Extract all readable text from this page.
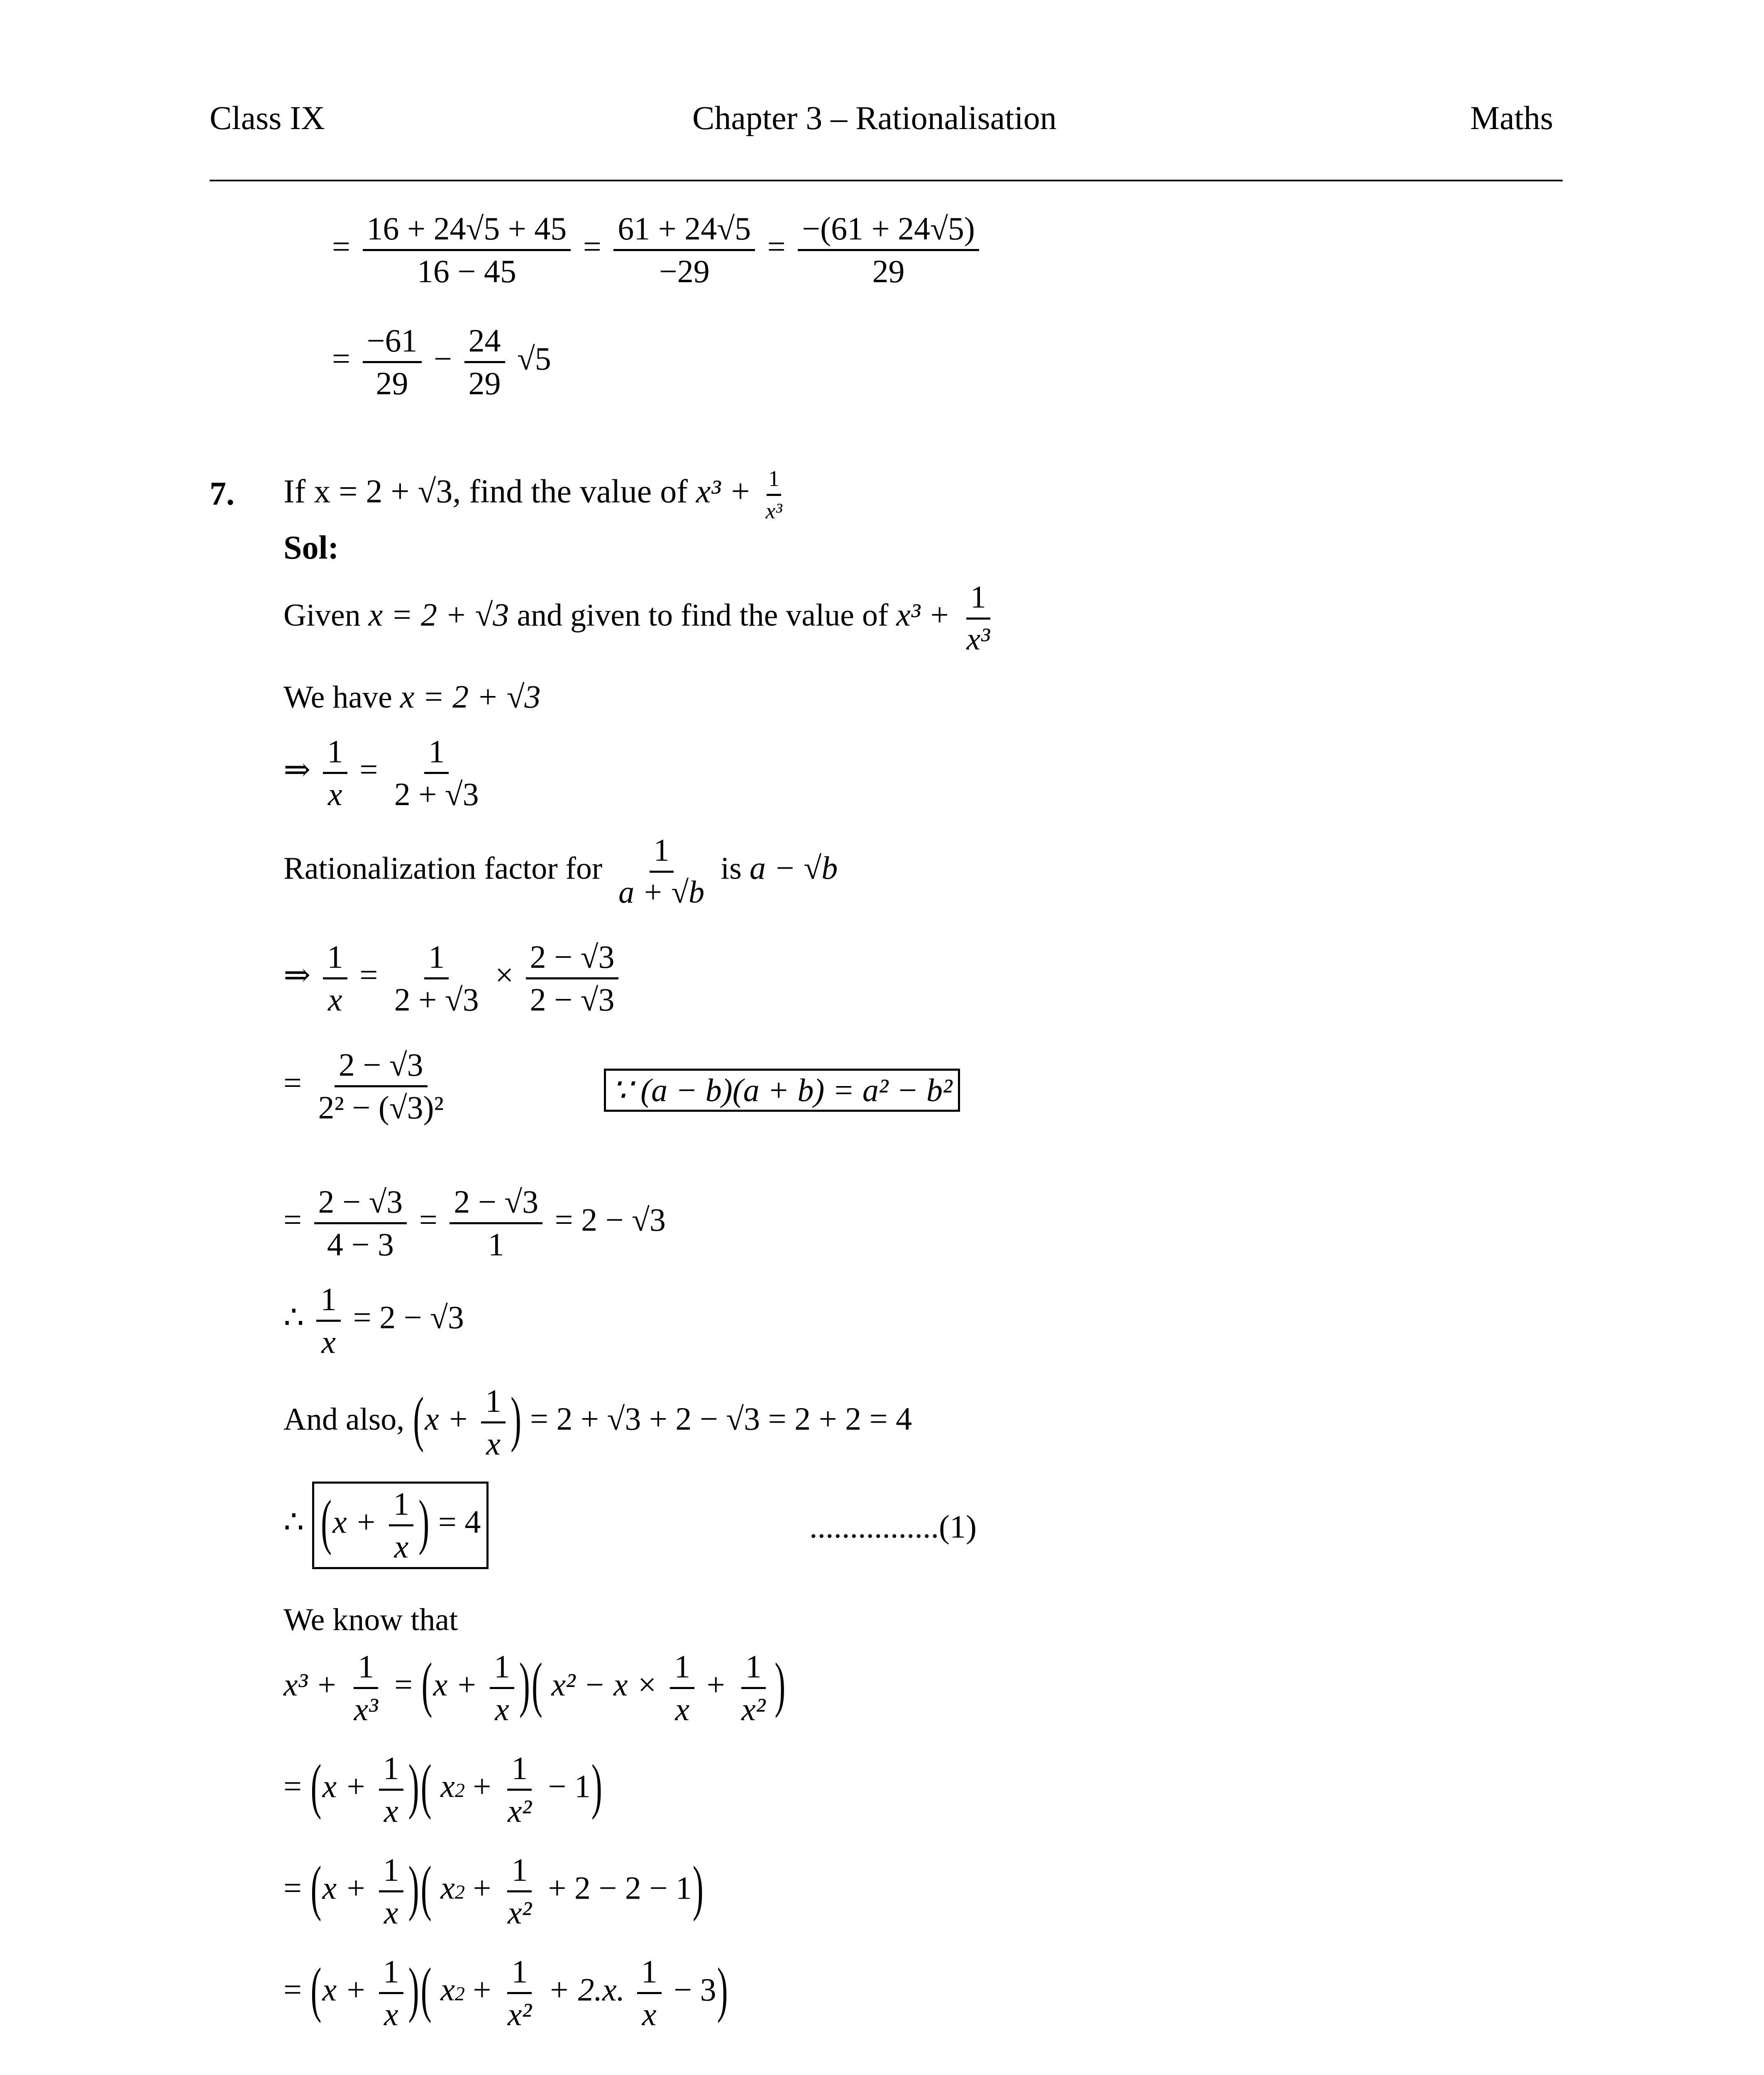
Class IX	Chapter 3 – Rationalisation	Maths
= $\frac{16 + 24√5 + 45}{16 - 45} = \frac{61 + 24√5}{-29} = \frac{-(61 + 24√5)}{29}$
= $\frac{-61}{29} - \frac{24}{29} √5$
7. If x = 2 + √3, find the value of $x^3 + \frac{1}{\text{x³}}$
Sol:
Given x = 2 + √3 and given to find the value of $x^3 + \frac{1}{\text{x³}}$
We have x = 2 + √3
⇒ $\frac{1}{x} = \frac{1}{2 + √3}$
Rationalization factor for $\frac{1}{a + √b}$ is a − √b
⇒ $\frac{1}{x} = \frac{1}{2 + √3} \times \frac{2 - √3}{2 - √3}$
= $\frac{2 - √3}{\text{2² − (√3)²}}$	∵ (a − b)(a + b) = a² − b²
= $\frac{2 - √3}{4 - 3} = \frac{2 - √3}{1} = 2 - √3$
∴ $\frac{1}{x} = 2 - √3$
And also, ($x + \frac{1}{x}$ ) = 2 + √3 + 2 − √3 = 2 + 2 = 4
∴ ($x + \frac{1}{x}$ ) = 4	................(1)
We know that
$x^3 + \frac{1}{\text{x³}} = (x + \frac{1}{x}$ )( $x^2 - x \times \frac{1}{x} + \frac{1}{\text{x²}}$ )
= ($x + \frac{1}{x}$ )( $x^2 + \frac{1}{\text{x²}} - 1$)
= ($x + \frac{1}{x}$ )( $x^2 + \frac{1}{\text{x²}} + 2 - 2 - 1$)
= ($x + \frac{1}{x}$ )( $x^2 + \frac{1}{\text{x²}} + 2.x$. $\frac{1}{x} - 3$)
